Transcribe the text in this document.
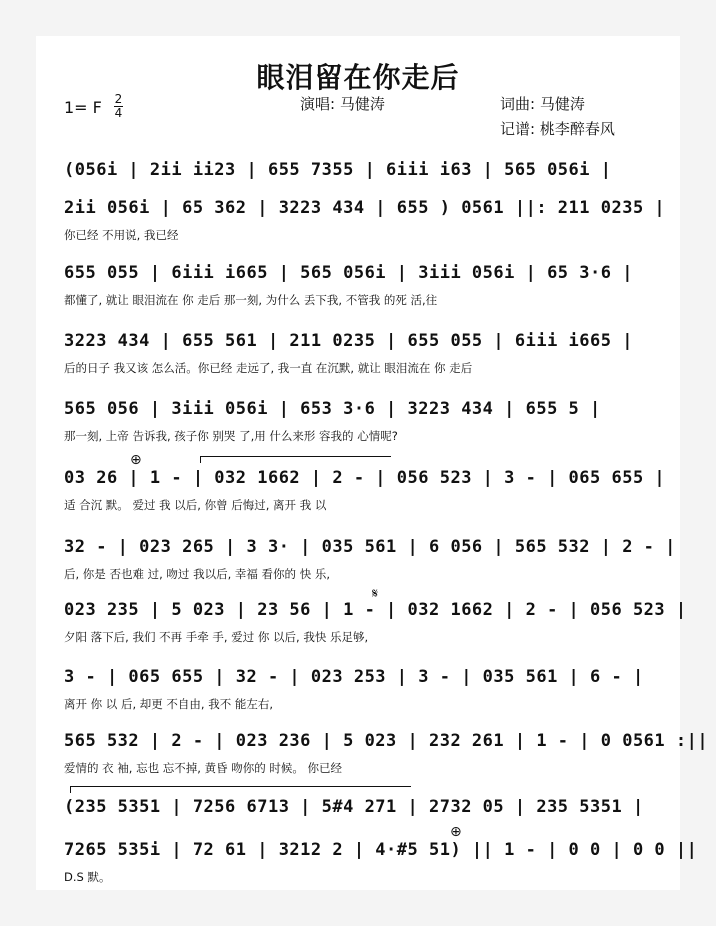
眼泪留在你走后
1= F 2
4	演唱: 马健涛	词曲: 马健涛
记谱: 桃李醉春风
(056i | 2ii ii23 | 655 7355 | 6iii i63 | 565 056i |
2ii 056i | 65 362 | 3223 434 | 655 ) 0561 ||: 211 0235 |
你已经 不用说, 我已经
655 055 | 6iii i665 | 565 056i | 3iii 056i | 65 3·6 |
都懂了, 就让 眼泪流在 你 走后 那一刻, 为什么 丢下我, 不管我 的死 活,往
3223 434 | 655 561 | 211 0235 | 655 055 | 6iii i665 |
后的日子 我又该 怎么活。你已经 走远了, 我一直 在沉默, 就让 眼泪流在 你 走后
565 056 | 3iii 056i | 653 3·6 | 3223 434 | 655 5 |
那一刻, 上帝 告诉我, 孩子你 别哭 了,用 什么来形 容我的 心情呢?
03 26 | 1 - | 032 1662 | 2 - | 056 523 | 3 - | 065 655 |
适 合沉 默。 爱过 我 以后, 你曾 后悔过, 离开 我 以
32 - | 023 265 | 3 3· | 035 561 | 6 056 | 565 532 | 2 - |
后, 你是 否也难 过, 吻过 我以后, 幸福 看你的 快 乐,
023 235 | 5 023 | 23 56 | 1 - | 032 1662 | 2 - | 056 523 |
夕阳 落下后, 我们 不再 手牵 手, 爱过 你 以后, 我快 乐足够,
3 - | 065 655 | 32 - | 023 253 | 3 - | 035 561 | 6 - |
离开 你 以 后, 却更 不自由, 我不 能左右,
565 532 | 2 - | 023 236 | 5 023 | 232 261 | 1 - | 0 0561 :||
爱情的 衣 袖, 忘也 忘不掉, 黄昏 吻你的 时候。 你已经
(235 5351 | 7256 6713 | 5#4 271 | 2732 05 | 235 5351 |
7265 535i | 72 61 | 3212 2 | 4·#5 51) || 1 - | 0 0 | 0 0 ||
D.S 默。
⊕
⊕
𝄋
